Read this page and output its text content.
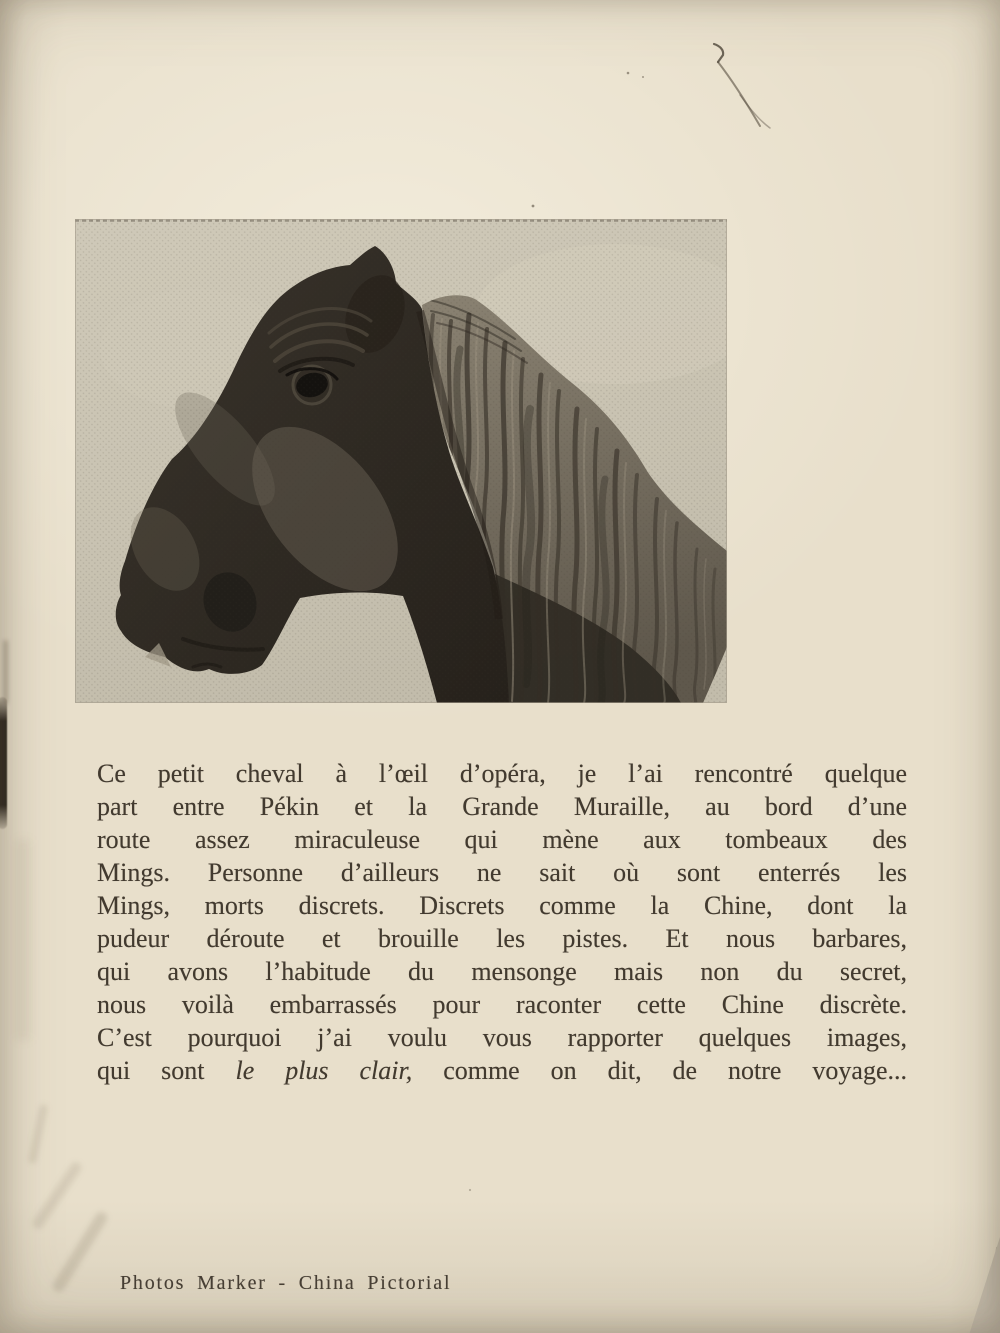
Ce petit cheval à l’œil d’opéra, je l’ai rencontré quelque

part entre Pékin et la Grande Muraille, au bord d’une

route assez miraculeuse qui mène aux tombeaux des

Mings. Personne d’ailleurs ne sait où sont enterrés les

Mings, morts discrets. Discrets comme la Chine, dont la

pudeur déroute et brouille les pistes. Et nous barbares,

qui avons l’habitude du mensonge mais non du secret,

nous voilà embarrassés pour raconter cette Chine discrète.

C’est pourquoi j’ai voulu vous rapporter quelques images,

qui sont le plus clair, comme on dit, de notre voyage...

Photos Marker - China Pictorial
